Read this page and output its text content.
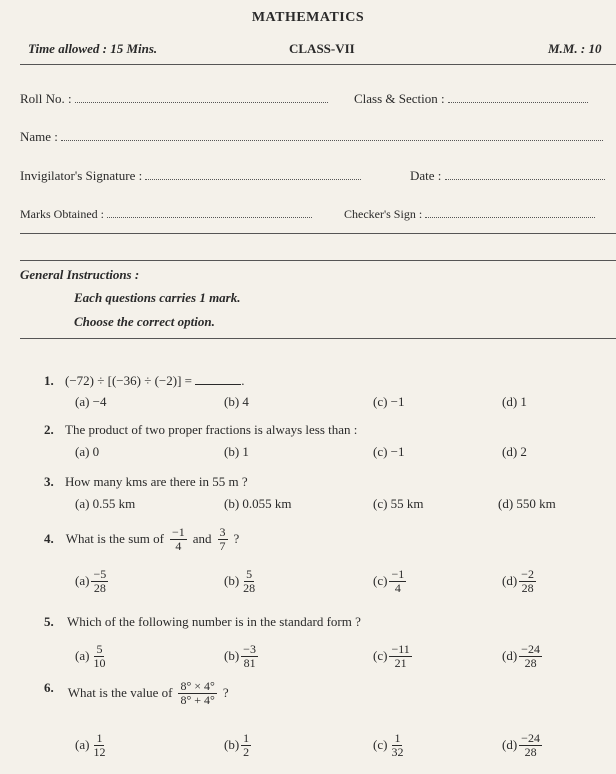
MATHEMATICS
Time allowed : 15 Mins.	CLASS-VII	M.M. : 10
Roll No. :	Class & Section :
Name :
Invigilator's Signature :	Date :
Marks Obtained :	Checker's Sign :
General Instructions :
Each questions carries 1 mark.
Choose the correct option.
1. (−72) ÷ [(−36) ÷ (−2)] =	.
(a) −4	(b) 4	(c) −1	(d) 1
2. The product of two proper fractions is always less than :
(a) 0	(b) 1	(c) −1	(d) 2
3. How many kms are there in 55 m ?
(a) 0.55 km	(b) 0.055 km	(c) 55 km	(d) 550 km
4. What is the sum of $\frac{-1}{4}$ and $\frac{3}{7}$ ?
$(a) \frac{-5}{28}$	$(b) \frac{5}{28}$	$(c) \frac{-1}{4}$	$(d) \frac{-2}{28}$
5. Which of the following number is in the standard form ?
$(a) \frac{5}{10}$	$(b) \frac{-3}{81}$	$(c) \frac{-11}{21}$	$(d) \frac{-24}{28}$
6. What is the value of $\frac{8^\circ \times 4^\circ}{8^\circ + 4^\circ}$ ?
$(a) \frac{1}{12}$	$(b) \frac{1}{2}$	$(c) \frac{1}{32}$	$(d) \frac{-24}{28}$
